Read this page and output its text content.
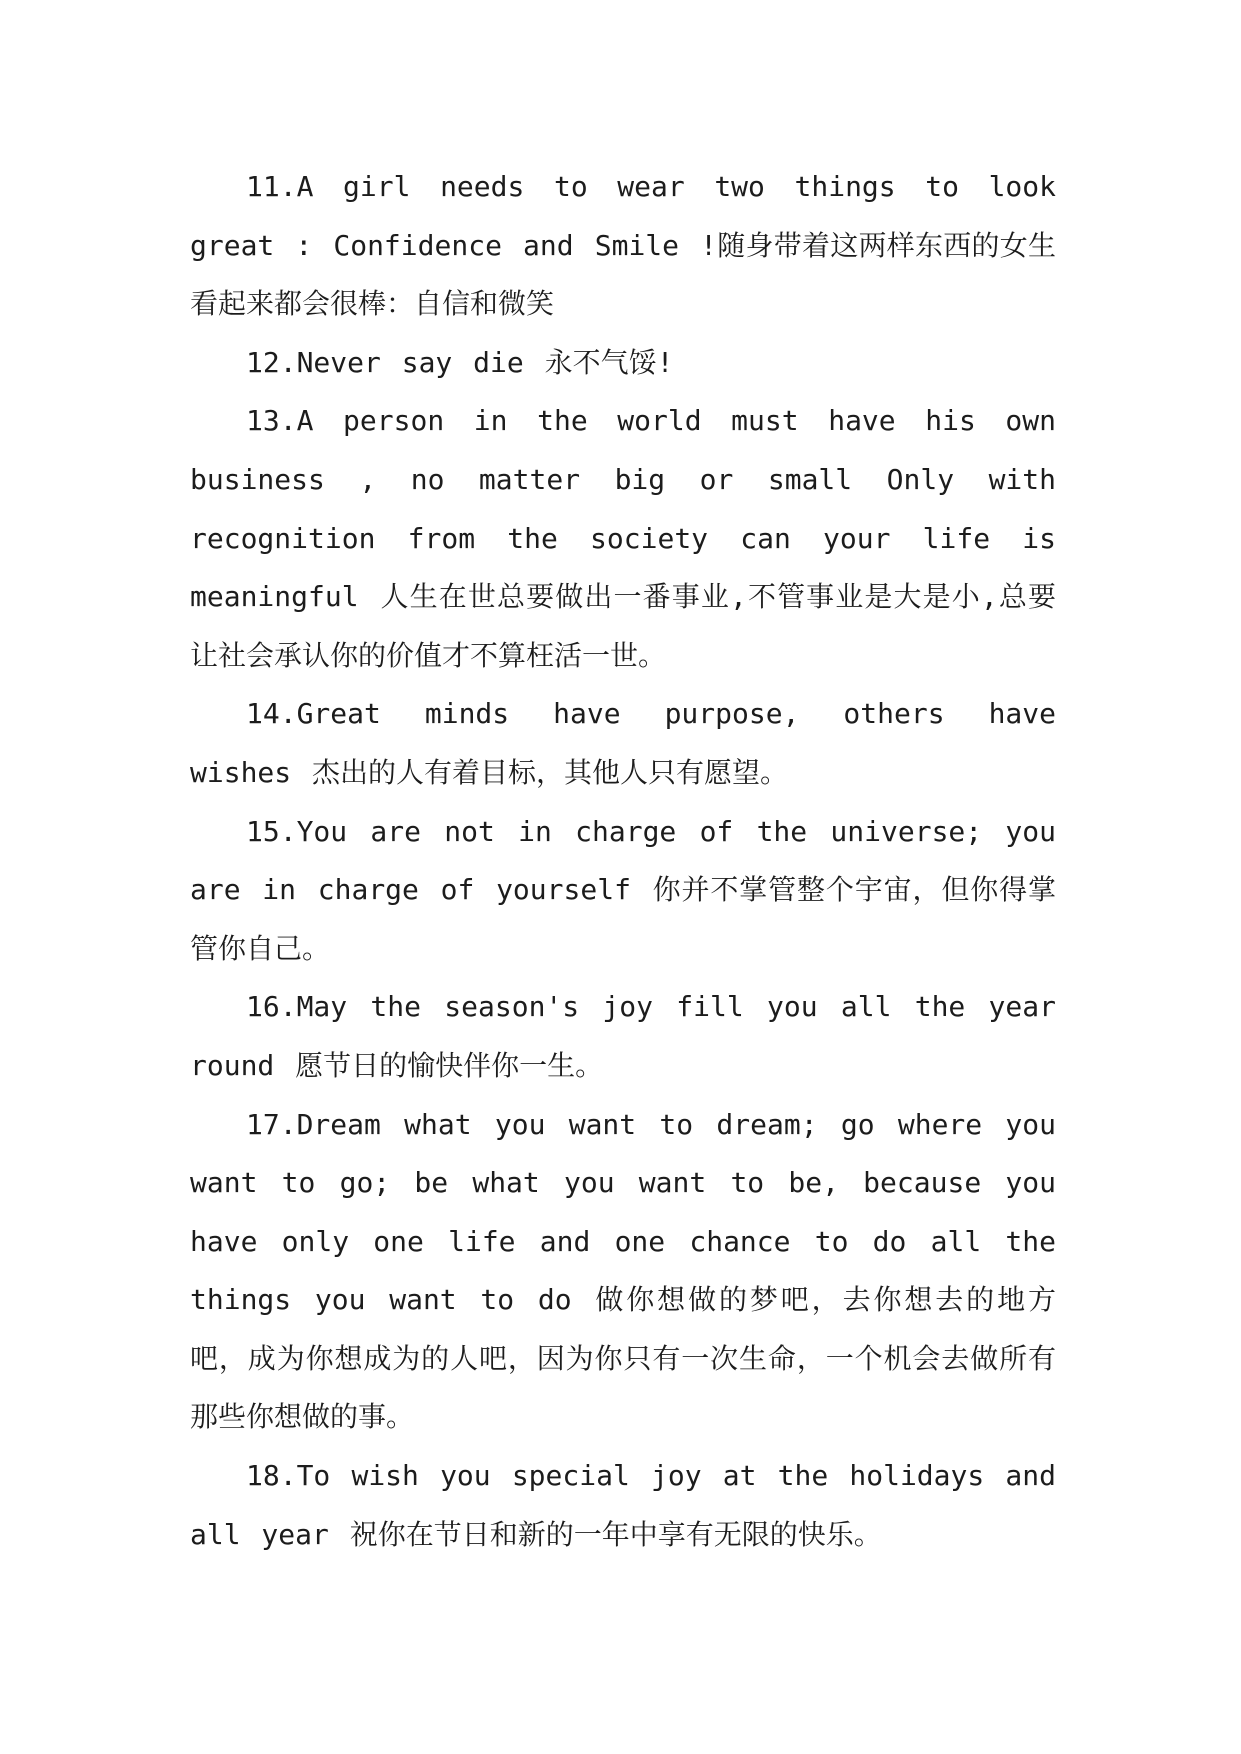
11.A girl needs to wear two things to look great : Confidence and Smile !随身带着这两样东西的女生看起来都会很棒：自信和微笑

12.Never say die 永不气馁!

13.A person in the world must have his own business , no matter big or small Only with recognition from the society can your life is meaningful 人生在世总要做出一番事业,不管事业是大是小,总要让社会承认你的价值才不算枉活一世。

14.Great minds have purpose, others have wishes 杰出的人有着目标，其他人只有愿望。

15.You are not in charge of the universe; you are in charge of yourself 你并不掌管整个宇宙，但你得掌管你自己。

16.May the season's joy fill you all the year round 愿节日的愉快伴你一生。

17.Dream what you want to dream; go where you want to go; be what you want to be, because you have only one life and one chance to do all the things you want to do 做你想做的梦吧，去你想去的地方吧，成为你想成为的人吧，因为你只有一次生命，一个机会去做所有那些你想做的事。

18.To wish you special joy at the holidays and all year 祝你在节日和新的一年中享有无限的快乐。
